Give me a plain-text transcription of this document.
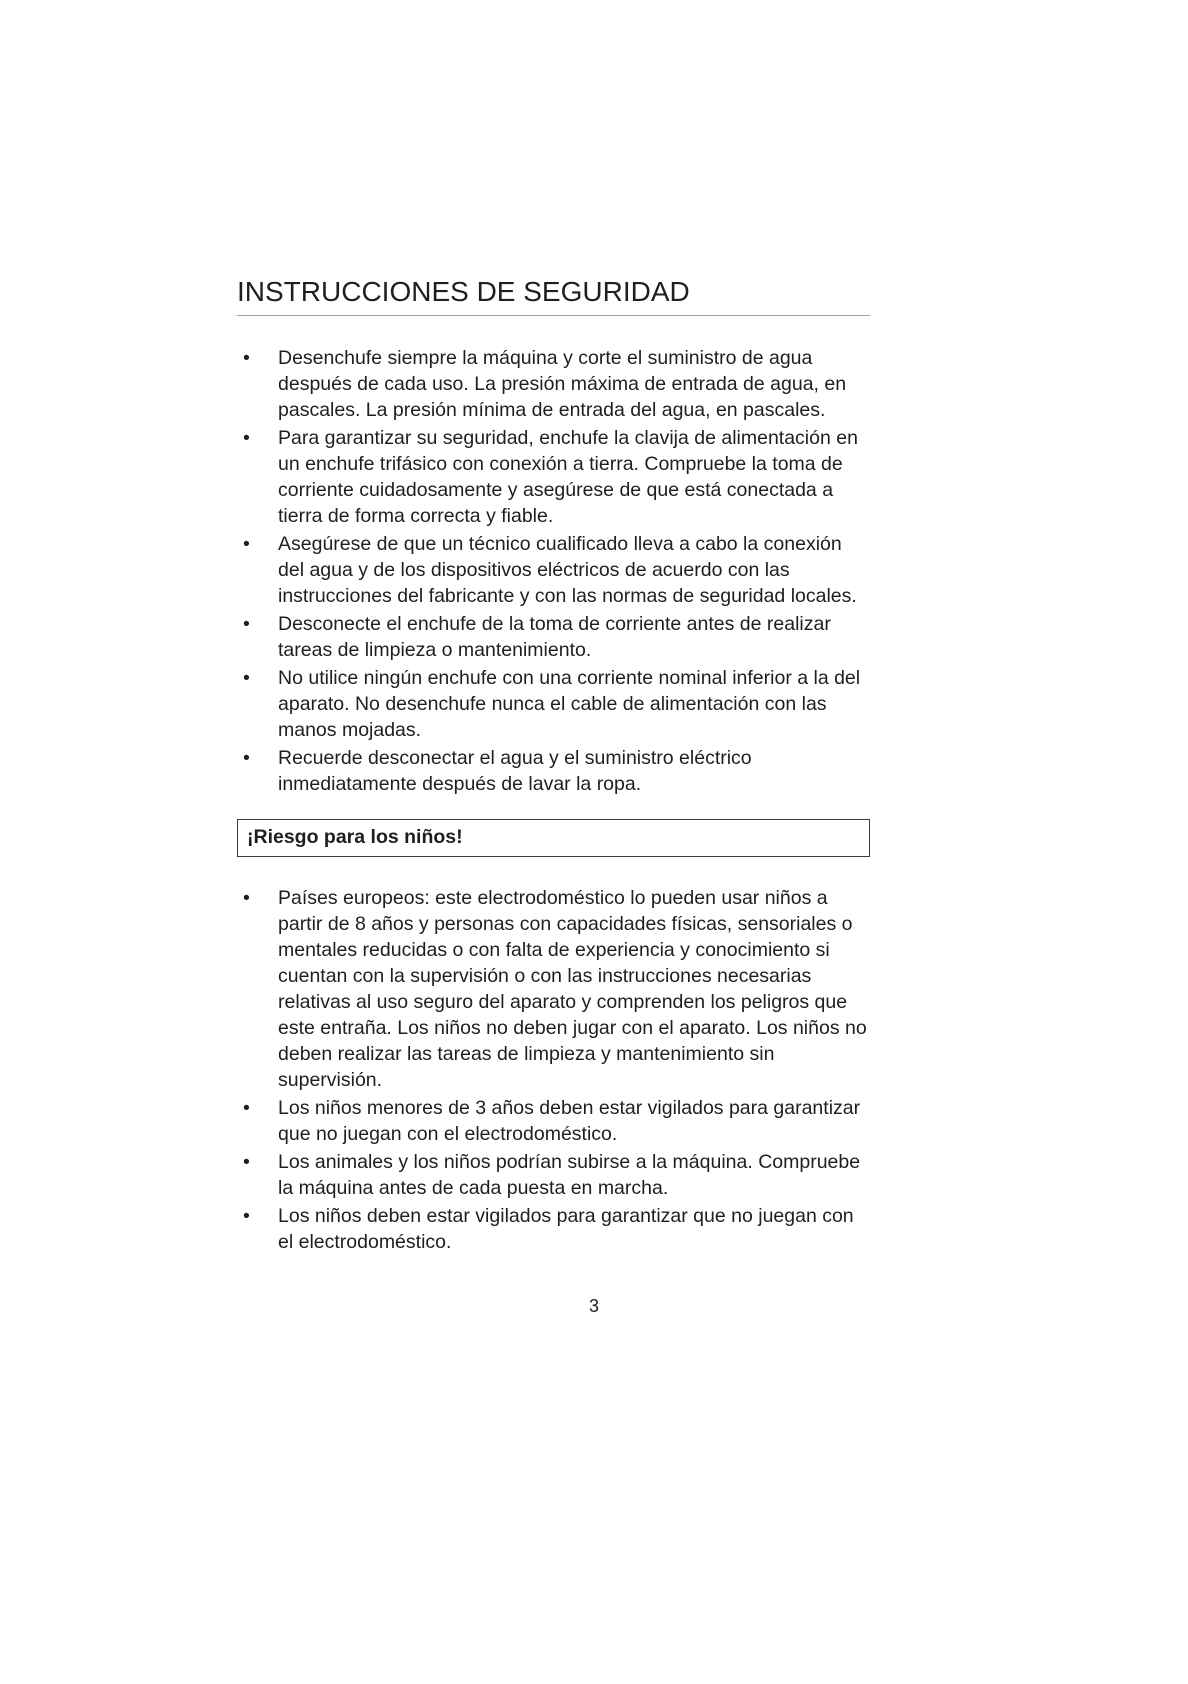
INSTRUCCIONES DE SEGURIDAD
• Desenchufe siempre la máquina y corte el suministro de agua después de cada uso. La presión máxima de entrada de agua, en pascales. La presión mínima de entrada del agua, en pascales.
• Para garantizar su seguridad, enchufe la clavija de alimentación en un enchufe trifásico con conexión a tierra. Compruebe la toma de corriente cuidadosamente y asegúrese de que está conectada a tierra de forma correcta y fiable.
• Asegúrese de que un técnico cualificado lleva a cabo la conexión del agua y de los dispositivos eléctricos de acuerdo con las instrucciones del fabricante y con las normas de seguridad locales.
• Desconecte el enchufe de la toma de corriente antes de realizar tareas de limpieza o mantenimiento.
• No utilice ningún enchufe con una corriente nominal inferior a la del aparato. No desenchufe nunca el cable de alimentación con las manos mojadas.
• Recuerde desconectar el agua y el suministro eléctrico inmediatamente después de lavar la ropa.
¡Riesgo para los niños!
• Países europeos: este electrodoméstico lo pueden usar niños a partir de 8 años y personas con capacidades físicas, sensoriales o mentales reducidas o con falta de experiencia y conocimiento si cuentan con la supervisión o con las instrucciones necesarias relativas al uso seguro del aparato y comprenden los peligros que este entraña. Los niños no deben jugar con el aparato. Los niños no deben realizar las tareas de limpieza y mantenimiento sin supervisión.
• Los niños menores de 3 años deben estar vigilados para garantizar que no juegan con el electrodoméstico.
• Los animales y los niños podrían subirse a la máquina. Compruebe la máquina antes de cada puesta en marcha.
• Los niños deben estar vigilados para garantizar que no juegan con el electrodoméstico.
3
